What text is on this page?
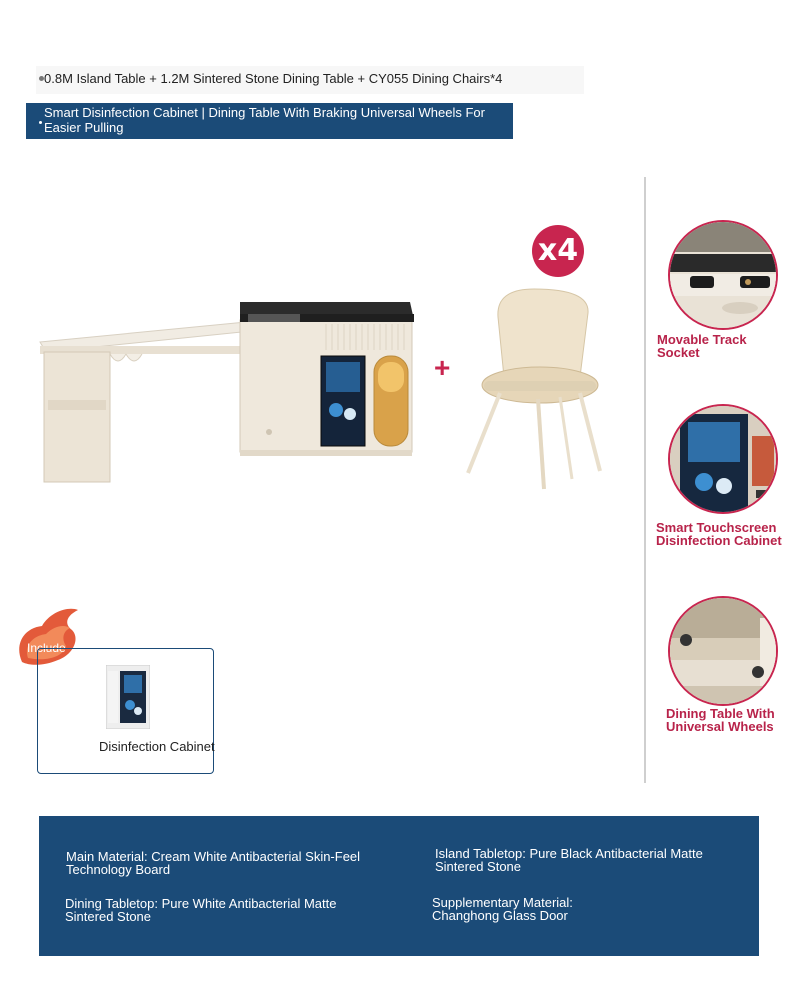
0.8M Island Table + 1.2M Sintered Stone Dining Table + CY055 Dining Chairs*4
Smart Disinfection Cabinet | Dining Table With Braking Universal Wheels For Easier Pulling
+
x4
Movable Track
Socket
Smart Touchscreen
Disinfection Cabinet
Dining Table With
Universal Wheels
Include
Disinfection Cabinet
Main Material: Cream White Antibacterial Skin-Feel
Technology Board
Island Tabletop: Pure Black Antibacterial Matte
Sintered Stone
Dining Tabletop: Pure White Antibacterial Matte
Sintered Stone
Supplementary Material:
Changhong Glass Door
